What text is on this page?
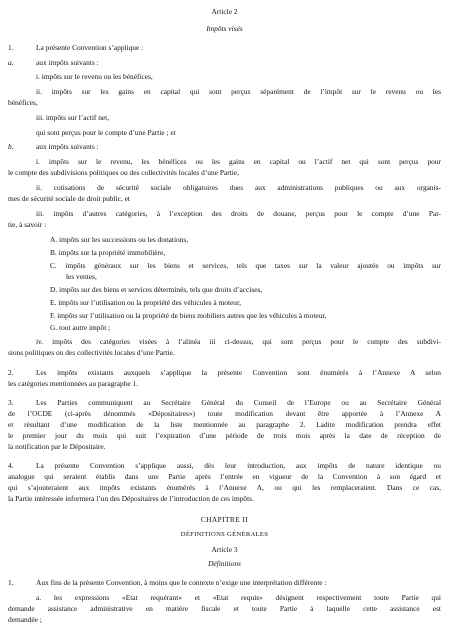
Article 2
Impôts visés
1.	La présente Convention s’applique :
a.	aux impôts suivants :
i. impôts sur le revenu ou les bénéfices,
ii. impôts sur les gains en capital qui sont perçus séparément de l’impôt sur le revenu ou les
bénéfices,
iii. impôts sur l’actif net,
qui sont perçus pour le compte d’une Partie ; et
b.	aux impôts suivants :
i. impôts sur le revenu, les bénéfices ou les gains en capital ou l’actif net qui sont perçus pour
le compte des subdivisions politiques ou des collectivités locales d’une Partie,
ii. cotisations de sécurité sociale obligatoires dues aux administrations publiques ou aux organis-
mes de sécurité sociale de droit public, et
iii. impôts d’autres catégories, à l’exception des droits de douane, perçus pour le compte d’une Par-
tie, à savoir :
A. impôts sur les successions ou les donations,
B. impôts sur la propriété immobilière,
C. impôts généraux sur les biens et services, tels que taxes sur la valeur ajoutée ou impôts sur
les ventes,
D. impôts sur des biens et services déterminés, tels que droits d’accises,
E. impôts sur l’utilisation ou la propriété des véhicules à moteur,
F. impôts sur l’utilisation ou la propriété de biens mobiliers autres que les véhicules à moteur,
G. tout autre impôt ;
iv. impôts des catégories visées à l’alinéa iii ci-dessus, qui sont perçus pour le compte des subdivi-
sions politiques ou des collectivités locales d’une Partie.
2.	Les impôts existants auxquels s’applique la présente Convention sont énumérés à l’Annexe A selon
les catégories mentionnées au paragraphe 1.
3.	Les Parties communiquent au Secrétaire Général du Conseil de l’Europe ou au Secrétaire Général
de l’OCDE (ci-après dénommés «Dépositaires») toute modification devant être apportée à l’Annexe A
et résultant d’une modification de la liste mentionnée au paragraphe 2. Ladite modification prendra effet
le premier jour du mois qui suit l’expiration d’une période de trois mois après la date de réception de
la notification par le Dépositaire.
4.	La présente Convention s’applique aussi, dès leur introduction, aux impôts de nature identique ou
analogue qui seraient établis dans une Partie après l’entrée en vigueur de la Convention à son égard et
qui s’ajouteraient aux impôts existants énumérés à l’Annexe A, ou qui les remplaceraient. Dans ce cas,
la Partie intéressée informera l’un des Dépositaires de l’introduction de ces impôts.
CHAPITRE II
DÉFINITIONS GÉNÉRALES
Article 3
Définitions
1.	Aux fins de la présente Convention, à moins que le contexte n’exige une interprétation différente :
a. les expressions «Etat requérant» et «Etat requis» désignent respectivement toute Partie qui
demande assistance administrative en matière fiscale et toute Partie à laquelle cette assistance est
demandée ;
